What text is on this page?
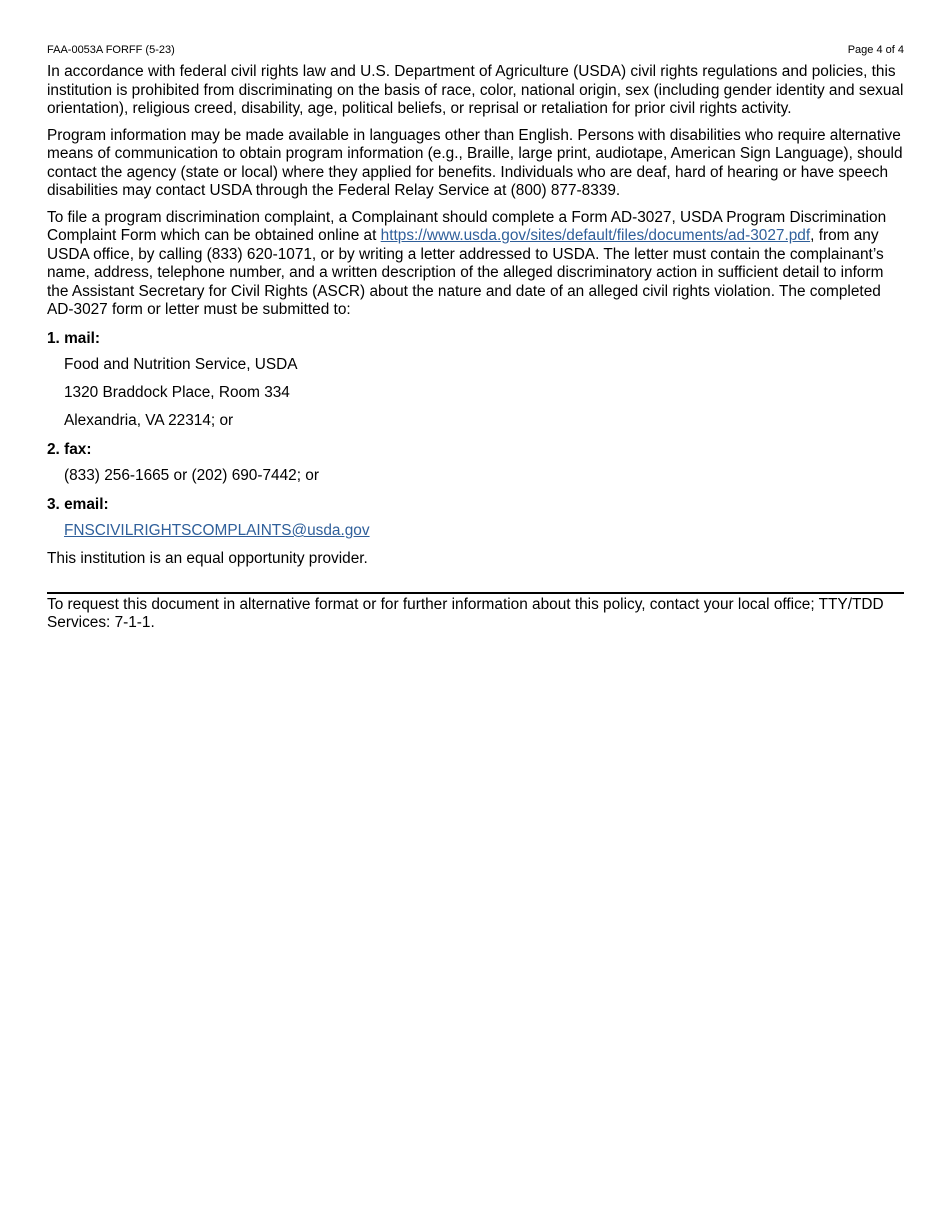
FAA-0053A FORFF (5-23)	Page 4 of 4

In accordance with federal civil rights law and U.S. Department of Agriculture (USDA) civil rights regulations and policies, this institution is prohibited from discriminating on the basis of race, color, national origin, sex (including gender identity and sexual orientation), religious creed, disability, age, political beliefs, or reprisal or retaliation for prior civil rights activity.

Program information may be made available in languages other than English. Persons with disabilities who require alternative means of communication to obtain program information (e.g., Braille, large print, audiotape, American Sign Language), should contact the agency (state or local) where they applied for benefits. Individuals who are deaf, hard of hearing or have speech disabilities may contact USDA through the Federal Relay Service at (800) 877-8339.

To file a program discrimination complaint, a Complainant should complete a Form AD-3027, USDA Program Discrimination Complaint Form which can be obtained online at https://www.usda.gov/sites/default/files/documents/ad-3027.pdf, from any USDA office, by calling (833) 620-1071, or by writing a letter addressed to USDA. The letter must contain the complainant’s name, address, telephone number, and a written description of the alleged discriminatory action in sufficient detail to inform the Assistant Secretary for Civil Rights (ASCR) about the nature and date of an alleged civil rights violation. The completed AD-3027 form or letter must be submitted to:

1. mail:
Food and Nutrition Service, USDA
1320 Braddock Place, Room 334
Alexandria, VA 22314; or
2. fax:
(833) 256-1665 or (202) 690-7442; or
3. email:
FNSCIVILRIGHTSCOMPLAINTS@usda.gov

This institution is an equal opportunity provider.

To request this document in alternative format or for further information about this policy, contact your local office; TTY/TDD Services: 7-1-1.
